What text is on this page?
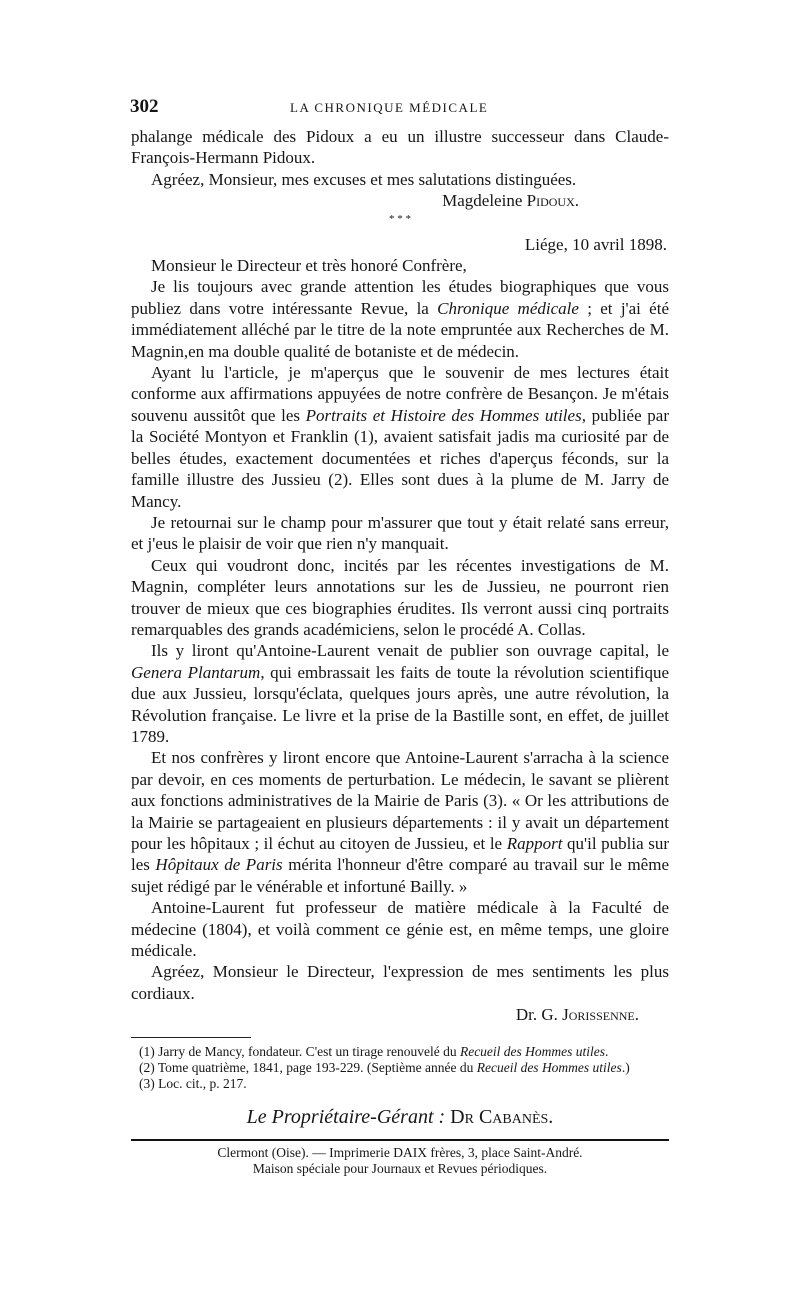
302	LA CHRONIQUE MÉDICALE

phalange médicale des Pidoux a eu un illustre successeur dans Claude-François-Hermann Pidoux.

Agréez, Monsieur, mes excuses et mes salutations distinguées.

Magdeleine Pidoux.

* * *

Liége, 10 avril 1898.

Monsieur le Directeur et très honoré Confrère,

Je lis toujours avec grande attention les études biographiques que vous publiez dans votre intéressante Revue, la Chronique médicale ; et j'ai été immédiatement alléché par le titre de la note empruntée aux Recherches de M. Magnin,en ma double qualité de botaniste et de médecin.

Ayant lu l'article, je m'aperçus que le souvenir de mes lectures était conforme aux affirmations appuyées de notre confrère de Besançon. Je m'étais souvenu aussitôt que les Portraits et Histoire des Hommes utiles, publiée par la Société Montyon et Franklin (1), avaient satisfait jadis ma curiosité par de belles études, exactement documentées et riches d'aperçus féconds, sur la famille illustre des Jussieu (2). Elles sont dues à la plume de M. Jarry de Mancy.

Je retournai sur le champ pour m'assurer que tout y était relaté sans erreur, et j'eus le plaisir de voir que rien n'y manquait.

Ceux qui voudront donc, incités par les récentes investigations de M. Magnin, compléter leurs annotations sur les de Jussieu, ne pourront rien trouver de mieux que ces biographies érudites. Ils verront aussi cinq portraits remarquables des grands académiciens, selon le procédé A. Collas.

Ils y liront qu'Antoine-Laurent venait de publier son ouvrage capital, le Genera Plantarum, qui embrassait les faits de toute la révolution scientifique due aux Jussieu, lorsqu'éclata, quelques jours après, une autre révolution, la Révolution française. Le livre et la prise de la Bastille sont, en effet, de juillet 1789.

Et nos confrères y liront encore que Antoine-Laurent s'arracha à la science par devoir, en ces moments de perturbation. Le médecin, le savant se plièrent aux fonctions administratives de la Mairie de Paris (3). « Or les attributions de la Mairie se partageaient en plusieurs départements : il y avait un département pour les hôpitaux ; il échut au citoyen de Jussieu, et le Rapport qu'il publia sur les Hôpitaux de Paris mérita l'honneur d'être comparé au travail sur le même sujet rédigé par le vénérable et infortuné Bailly. »

Antoine-Laurent fut professeur de matière médicale à la Faculté de médecine (1804), et voilà comment ce génie est, en même temps, une gloire médicale.

Agréez, Monsieur le Directeur, l'expression de mes sentiments les plus cordiaux.

Dr. G. Jorissenne.

(1) Jarry de Mancy, fondateur. C'est un tirage renouvelé du Recueil des Hommes utiles.

(2) Tome quatrième, 1841, page 193-229. (Septième année du Recueil des Hommes utiles.)

(3) Loc. cit., p. 217.

Le Propriétaire-Gérant : Dr Cabanès.

Clermont (Oise). — Imprimerie DAIX frères, 3, place Saint-André.

Maison spéciale pour Journaux et Revues périodiques.
